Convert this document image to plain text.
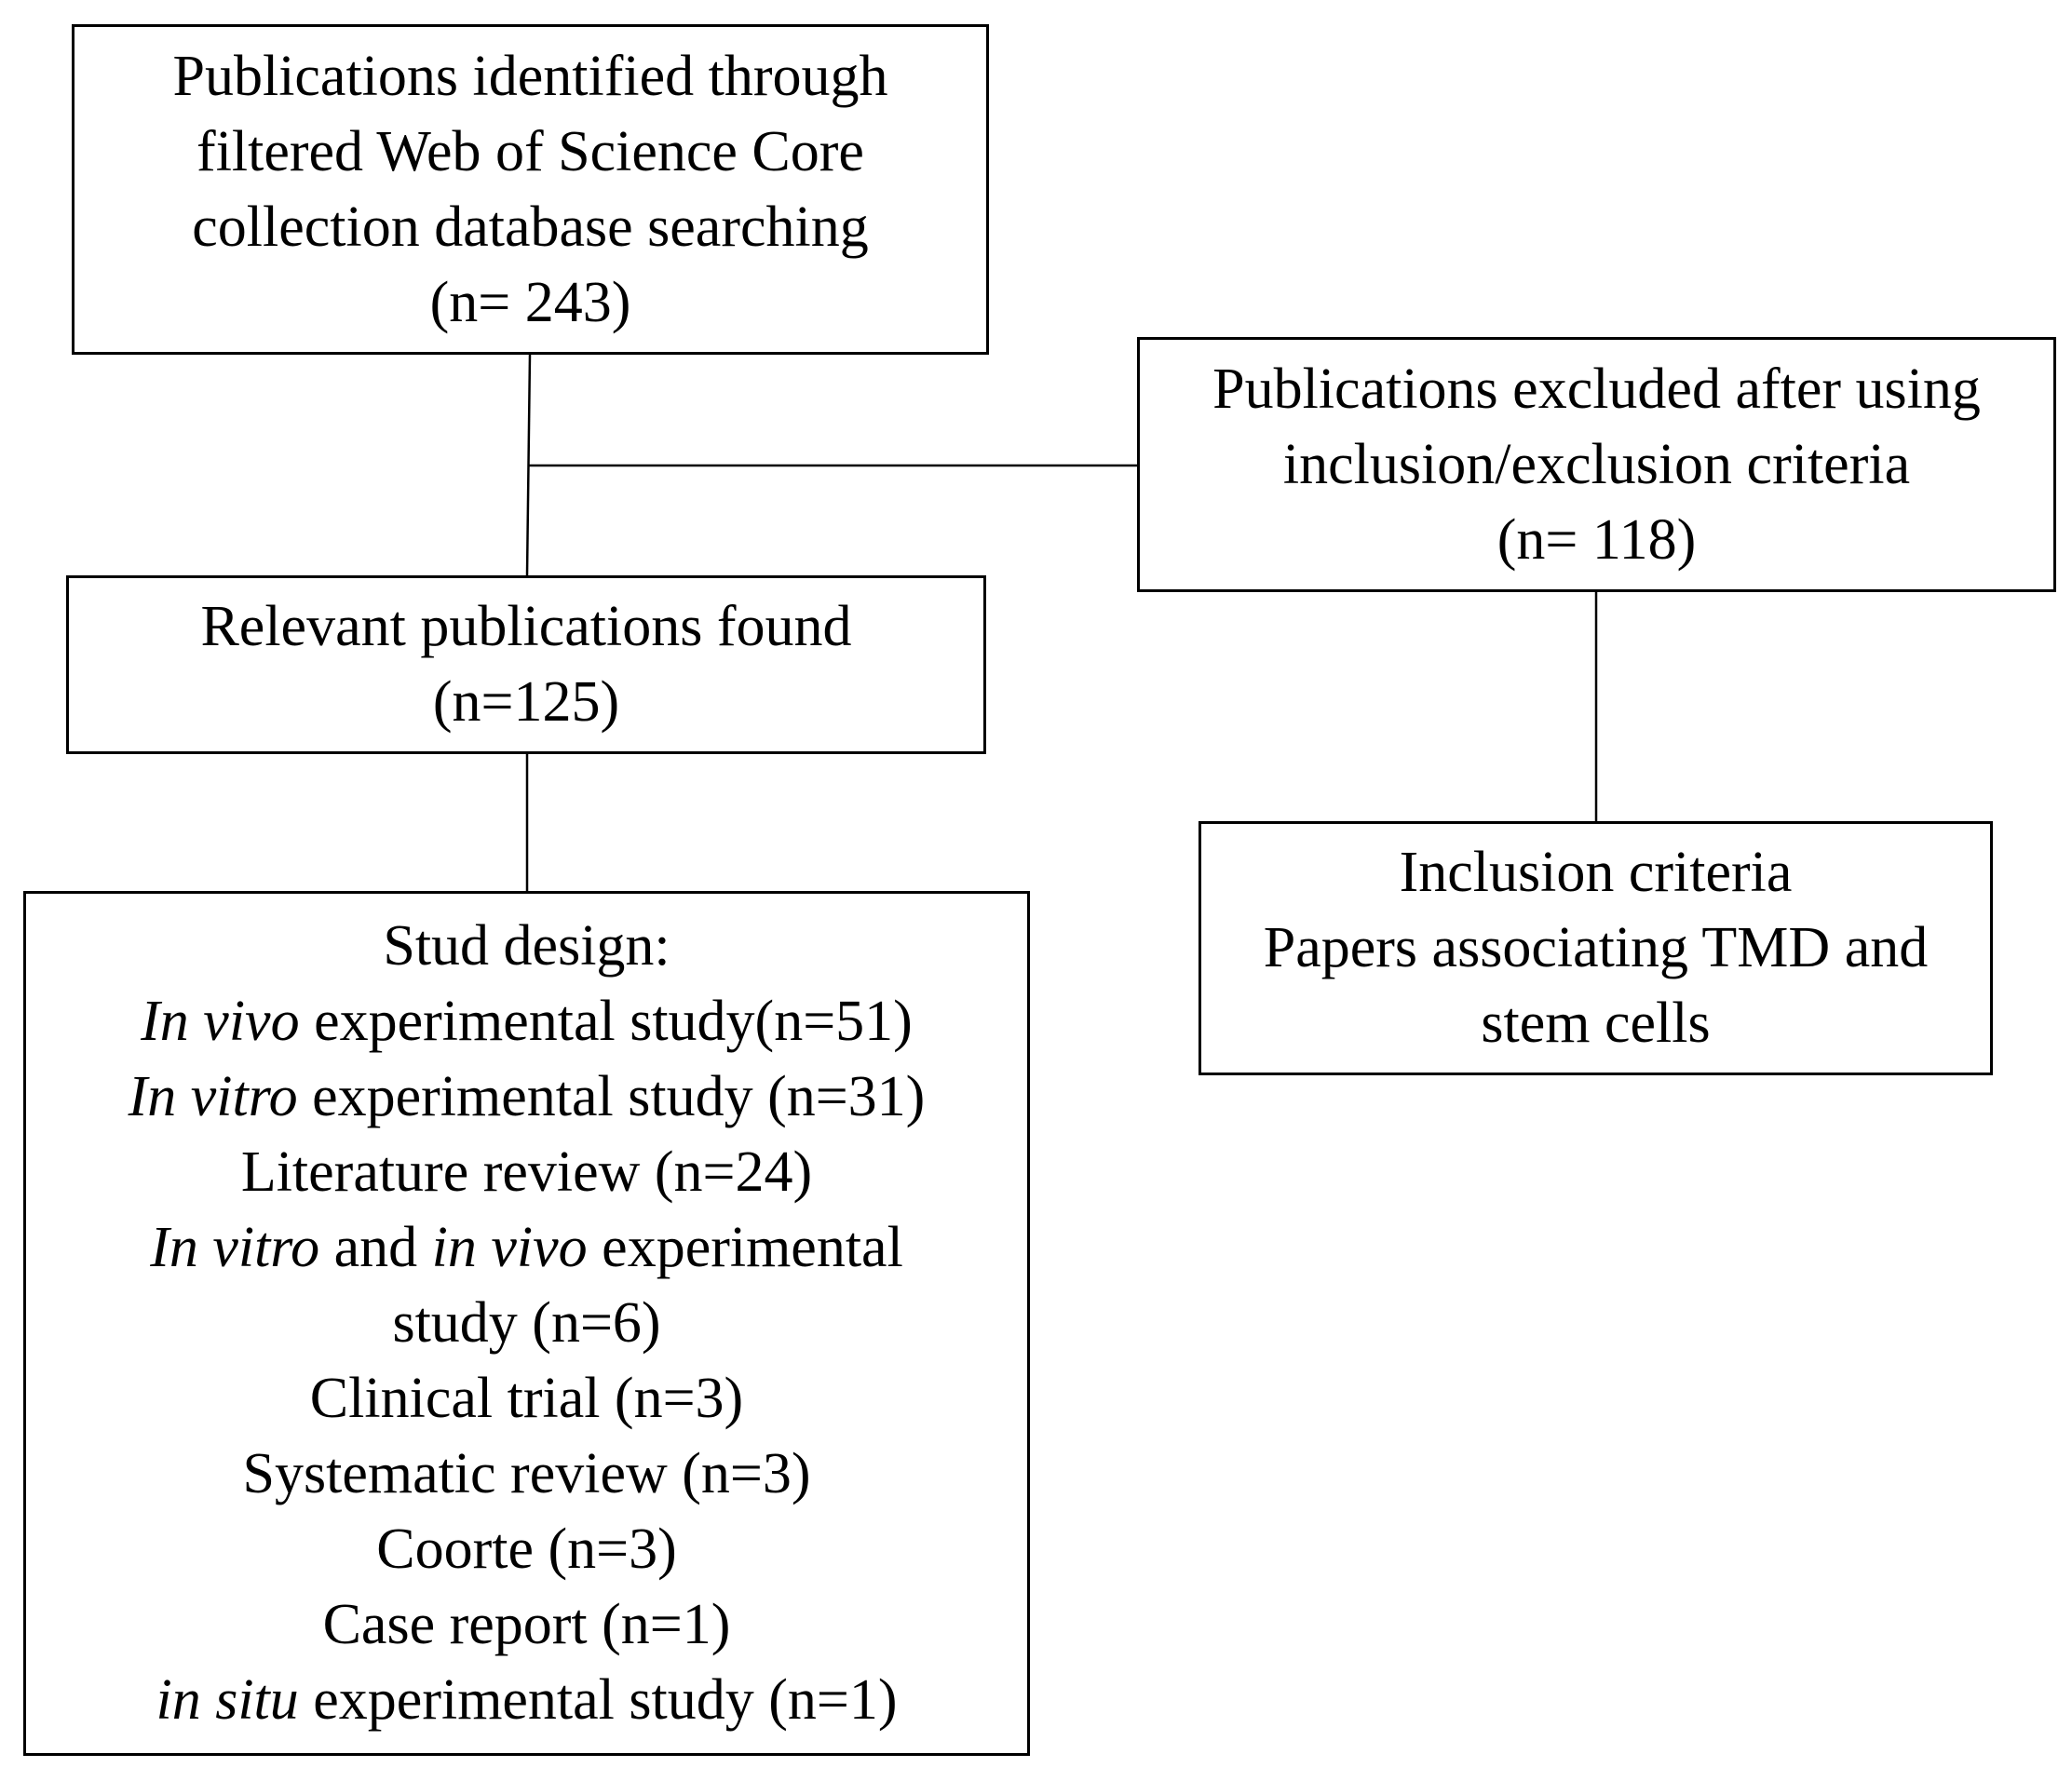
Publications identified through
filtered Web of Science Core
collection database searching
(n= 243)
Publications excluded after using
inclusion/exclusion criteria
(n= 118)
Relevant publications found
(n=125)
Inclusion criteria
Papers associating TMD and
stem cells
Stud design:
In vivo experimental study(n=51)
In vitro experimental study (n=31)
Literature review (n=24)
In vitro and in vivo experimental
study (n=6)
Clinical trial (n=3)
Systematic review (n=3)
Coorte (n=3)
Case report (n=1)
in situ experimental study (n=1)
